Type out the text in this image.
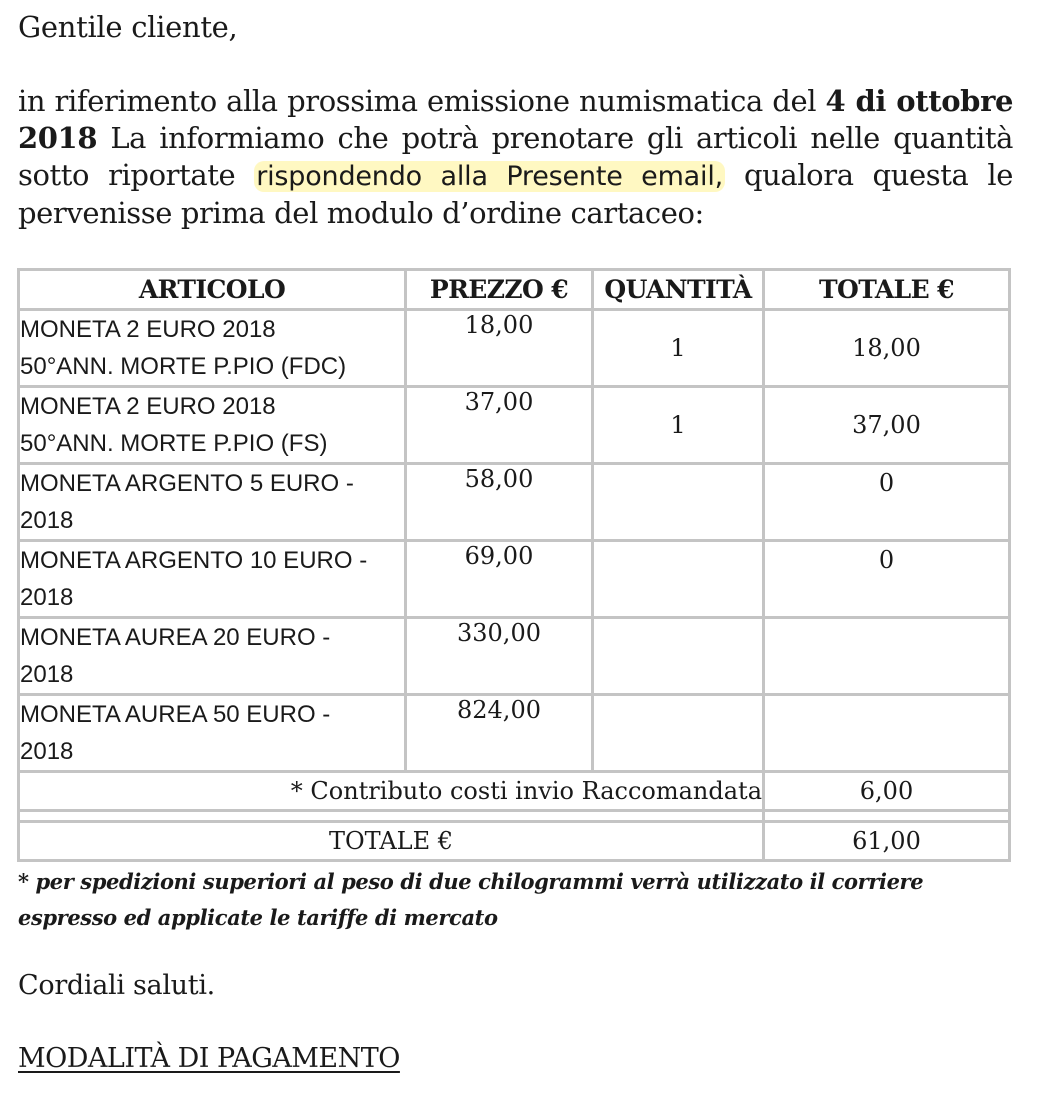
Gentile cliente,
in riferimento alla prossima emissione numismatica del 4 di ottobre 2018 La informiamo che potrà prenotare gli articoli nelle quantità sotto riportate rispondendo alla Presente email, qualora questa le pervenisse prima del modulo d’ordine cartaceo:
ARTICOLO	PREZZO €	QUANTITÀ	TOTALE €

MONETA 2 EURO 2018
50°ANN. MORTE P.PIO (FDC)	18,00	1	18,00

MONETA 2 EURO 2018
50°ANN. MORTE P.PIO (FS)	37,00	1	37,00

MONETA ARGENTO 5 EURO -
2018	58,00		0

MONETA ARGENTO 10 EURO -
2018	69,00		0

MONETA AUREA 20 EURO -
2018	330,00		

MONETA AUREA 50 EURO -
2018	824,00		
* Contributo costi invio Raccomandata			6,00

TOTALE €			61,00
* per spedizioni superiori al peso di due chilogrammi verrà utilizzato il corriere espresso ed applicate le tariffe di mercato
Cordiali saluti.
MODALITÀ DI PAGAMENTO
